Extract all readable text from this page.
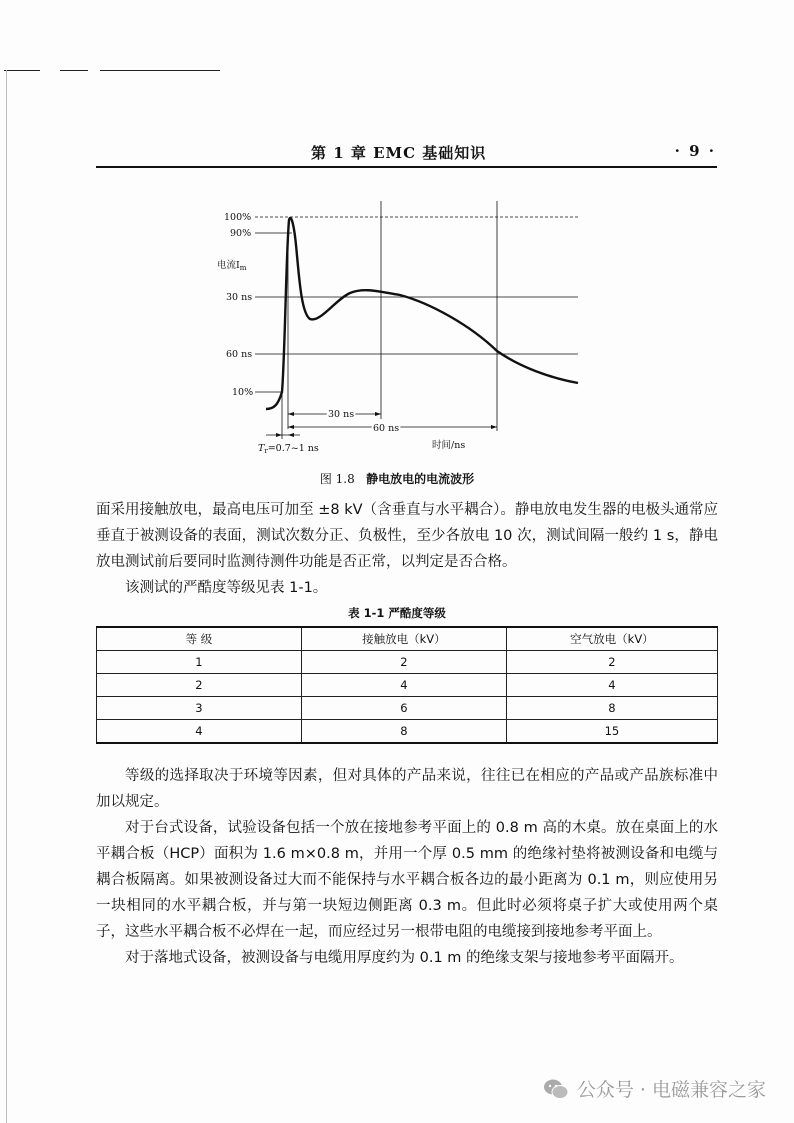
第 1 章 EMC 基础知识	· 9 ·
100%
90%
电流$I_m$
30 ns
60 ns
10%
30 ns
60 ns
时间/ns
$T_r=0.7\sim 1$ ns
图 1.8 静电放电的电流波形

面采用接触放电，最高电压可加至 ±8 kV（含垂直与水平耦合）。静电放电发生器的电极头通常应垂直于被测设备的表面，测试次数分正、负极性，至少各放电 10 次，测试间隔一般约 1 s，静电放电测试前后要同时监测待测件功能是否正常，以判定是否合格。

该测试的严酷度等级见表 1-1。

表 1-1 严酷度等级
等 级	接触放电（kV）	空气放电（kV）
1	2	2
2	4	4
3	6	8
4	8	15

等级的选择取决于环境等因素，但对具体的产品来说，往往已在相应的产品或产品族标准中加以规定。

对于台式设备，试验设备包括一个放在接地参考平面上的 0.8 m 高的木桌。放在桌面上的水平耦合板（HCP）面积为 1.6 m×0.8 m，并用一个厚 0.5 mm 的绝缘衬垫将被测设备和电缆与耦合板隔离。如果被测设备过大而不能保持与水平耦合板各边的最小距离为 0.1 m，则应使用另一块相同的水平耦合板，并与第一块短边侧距离 0.3 m。但此时必须将桌子扩大或使用两个桌子，这些水平耦合板不必焊在一起，而应经过另一根带电阻的电缆接到接地参考平面上。

对于落地式设备，被测设备与电缆用厚度约为 0.1 m 的绝缘支架与接地参考平面隔开。

公众号 · 电磁兼容之家
